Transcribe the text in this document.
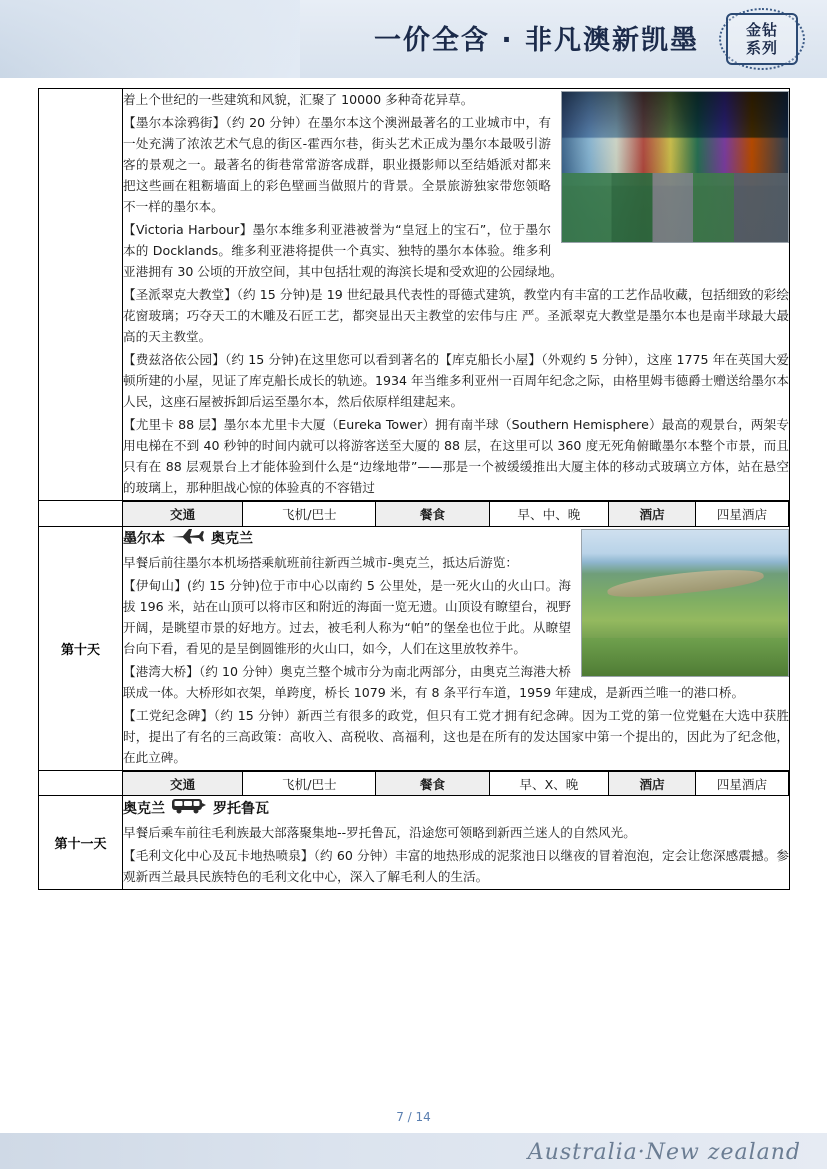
一价全含 · 非凡澳新凯墨	金钻
系列

着上个世纪的一些建筑和风貌，汇聚了 10000 多种奇花异草。

【墨尔本涂鸦街】（约 20 分钟）在墨尔本这个澳洲最著名的工业城市中，有一处充满了浓浓艺术气息的街区-霍西尔巷，街头艺术正成为墨尔本最吸引游客的景观之一。最著名的街巷常常游客成群，职业摄影师以至结婚派对都来把这些画在粗粝墙面上的彩色壁画当做照片的背景。全景旅游独家带您领略不一样的墨尔本。

【Victoria Harbour】墨尔本维多利亚港被誉为“皇冠上的宝石”，位于墨尔本的 Docklands。维多利亚港将提供一个真实、独特的墨尔本体验。维多利亚港拥有 30 公顷的开放空间，其中包括壮观的海滨长堤和受欢迎的公园绿地。

【圣派翠克大教堂】（约 15 分钟)是 19 世纪最具代表性的哥德式建筑，教堂内有丰富的工艺作品收藏，包括细致的彩绘花窗玻璃；巧夺天工的木雕及石匠工艺，都突显出天主教堂的宏伟与庄 严。圣派翠克大教堂是墨尔本也是南半球最大最高的天主教堂。

【费兹洛依公园】（约 15 分钟)在这里您可以看到著名的【库克船长小屋】（外观约 5 分钟），这座 1775 年在英国大爱顿所建的小屋，见证了库克船长成长的轨迹。1934 年当维多利亚州一百周年纪念之际，由格里姆韦德爵士赠送给墨尔本人民，这座石屋被拆卸后运至墨尔本，然后依原样组建起来。

【尤里卡 88 层】墨尔本尤里卡大厦（Eureka Tower）拥有南半球（Southern Hemisphere）最高的观景台，两架专用电梯在不到 40 秒钟的时间内就可以将游客送至大厦的 88 层，在这里可以 360 度无死角俯瞰墨尔本整个市景，而且只有在 88 层观景台上才能体验到什么是“边缘地带”——那是一个被缓缓推出大厦主体的移动式玻璃立方体，站在悬空的玻璃上，那种胆战心惊的体验真的不容错过

交通	飞机/巴士	餐食	早、中、晚	酒店	四星酒店

第十天	
墨尔本	奥克兰

早餐后前往墨尔本机场搭乘航班前往新西兰城市-奥克兰，抵达后游览：

【伊甸山】(约 15 分钟)位于市中心以南约 5 公里处，是一死火山的火山口。海拔 196 米，站在山顶可以将市区和附近的海面一览无遗。山顶设有瞭望台，视野开阔，是眺望市景的好地方。过去，被毛利人称为“帕”的堡垒也位于此。从瞭望台向下看，看见的是呈倒圆锥形的火山口，如今，人们在这里放牧养牛。

【港湾大桥】（约 10 分钟）奥克兰整个城市分为南北两部分，由奥克兰海港大桥联成一体。大桥形如衣架，单跨度，桥长 1079 米，有 8 条平行车道，1959 年建成，是新西兰唯一的港口桥。

【工党纪念碑】（约 15 分钟）新西兰有很多的政党，但只有工党才拥有纪念碑。因为工党的第一位党魁在大选中获胜时，提出了有名的三高政策：高收入、高税收、高福利，这也是在所有的发达国家中第一个提出的，因此为了纪念他，在此立碑。

交通	飞机/巴士	餐食	早、X、晚	酒店	四星酒店

第十一天	
奥克兰	罗托鲁瓦

早餐后乘车前往毛利族最大部落聚集地--罗托鲁瓦，沿途您可领略到新西兰迷人的自然风光。

【毛利文化中心及瓦卡地热喷泉】（约 60 分钟）丰富的地热形成的泥浆池日以继夜的冒着泡泡，定会让您深感震撼。参观新西兰最具民族特色的毛利文化中心，深入了解毛利人的生活。

7 / 14
Australia·New zealand
